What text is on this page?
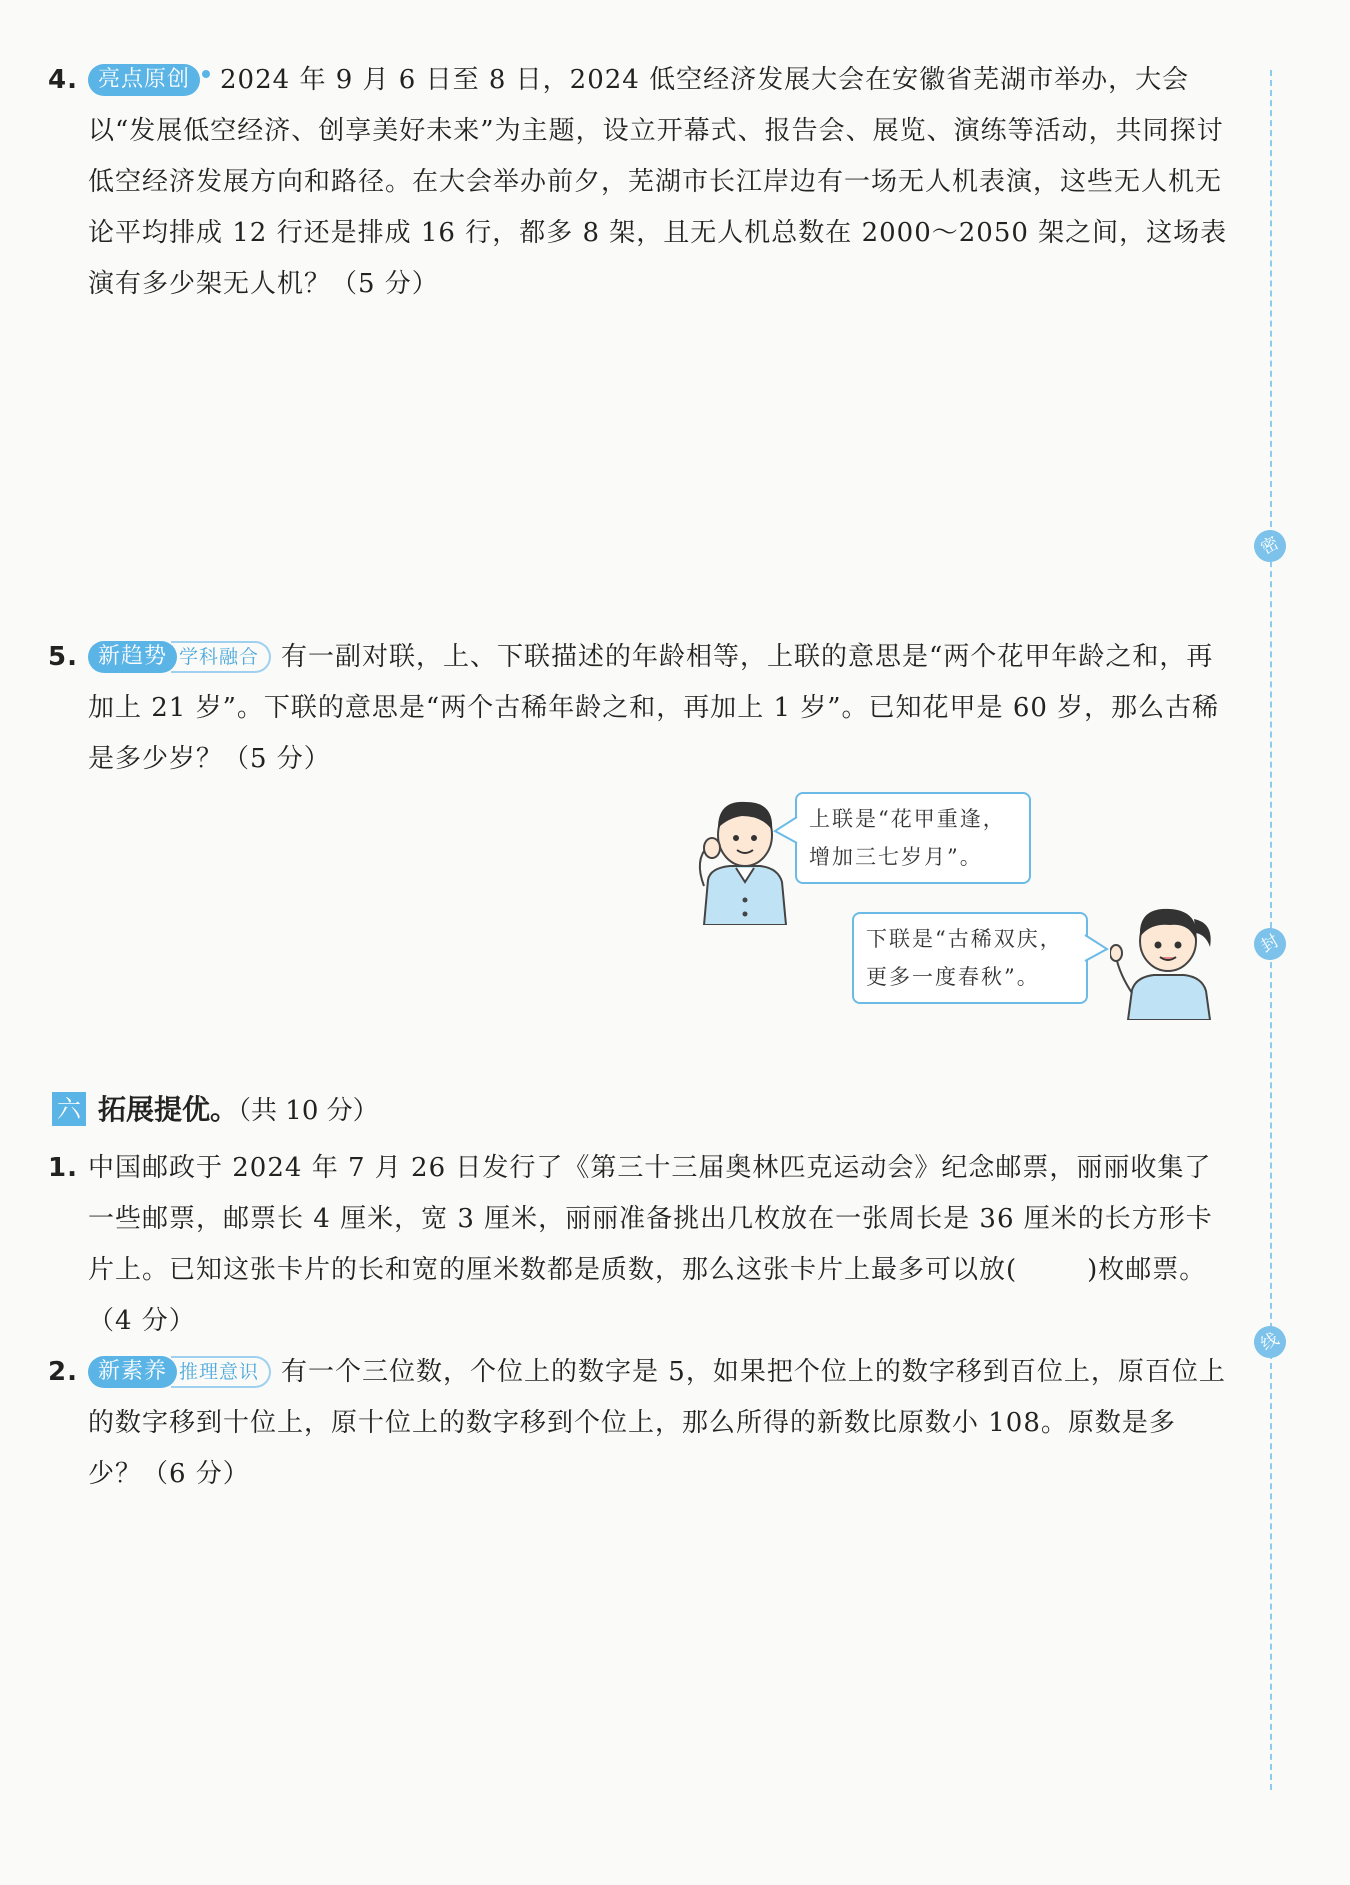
4. 亮点原创 2024 年 9 月 6 日至 8 日，2024 低空经济发展大会在安徽省芜湖市举办，大会以“发展低空经济、创享美好未来”为主题，设立开幕式、报告会、展览、演练等活动，共同探讨低空经济发展方向和路径。在大会举办前夕，芜湖市长江岸边有一场无人机表演，这些无人机无论平均排成 12 行还是排成 16 行，都多 8 架，且无人机总数在 2000～2050 架之间，这场表演有多少架无人机？（5 分）
5. 新趋势 学科融合 有一副对联，上、下联描述的年龄相等，上联的意思是“两个花甲年龄之和，再加上 21 岁”。下联的意思是“两个古稀年龄之和，再加上 1 岁”。已知花甲是 60 岁，那么古稀是多少岁？（5 分）
上联是“花甲重逢，
增加三七岁月”。
下联是“古稀双庆，
更多一度春秋”。
六 拓展提优。（共 10 分）
1. 中国邮政于 2024 年 7 月 26 日发行了《第三十三届奥林匹克运动会》纪念邮票，丽丽收集了一些邮票，邮票长 4 厘米，宽 3 厘米，丽丽准备挑出几枚放在一张周长是 36 厘米的长方形卡片上。已知这张卡片的长和宽的厘米数都是质数，那么这张卡片上最多可以放(	)枚邮票。（4 分）
2. 新素养 推理意识 有一个三位数，个位上的数字是 5，如果把个位上的数字移到百位上，原百位上的数字移到十位上，原十位上的数字移到个位上，那么所得的新数比原数小 108。原数是多少？（6 分）
密
封
线
